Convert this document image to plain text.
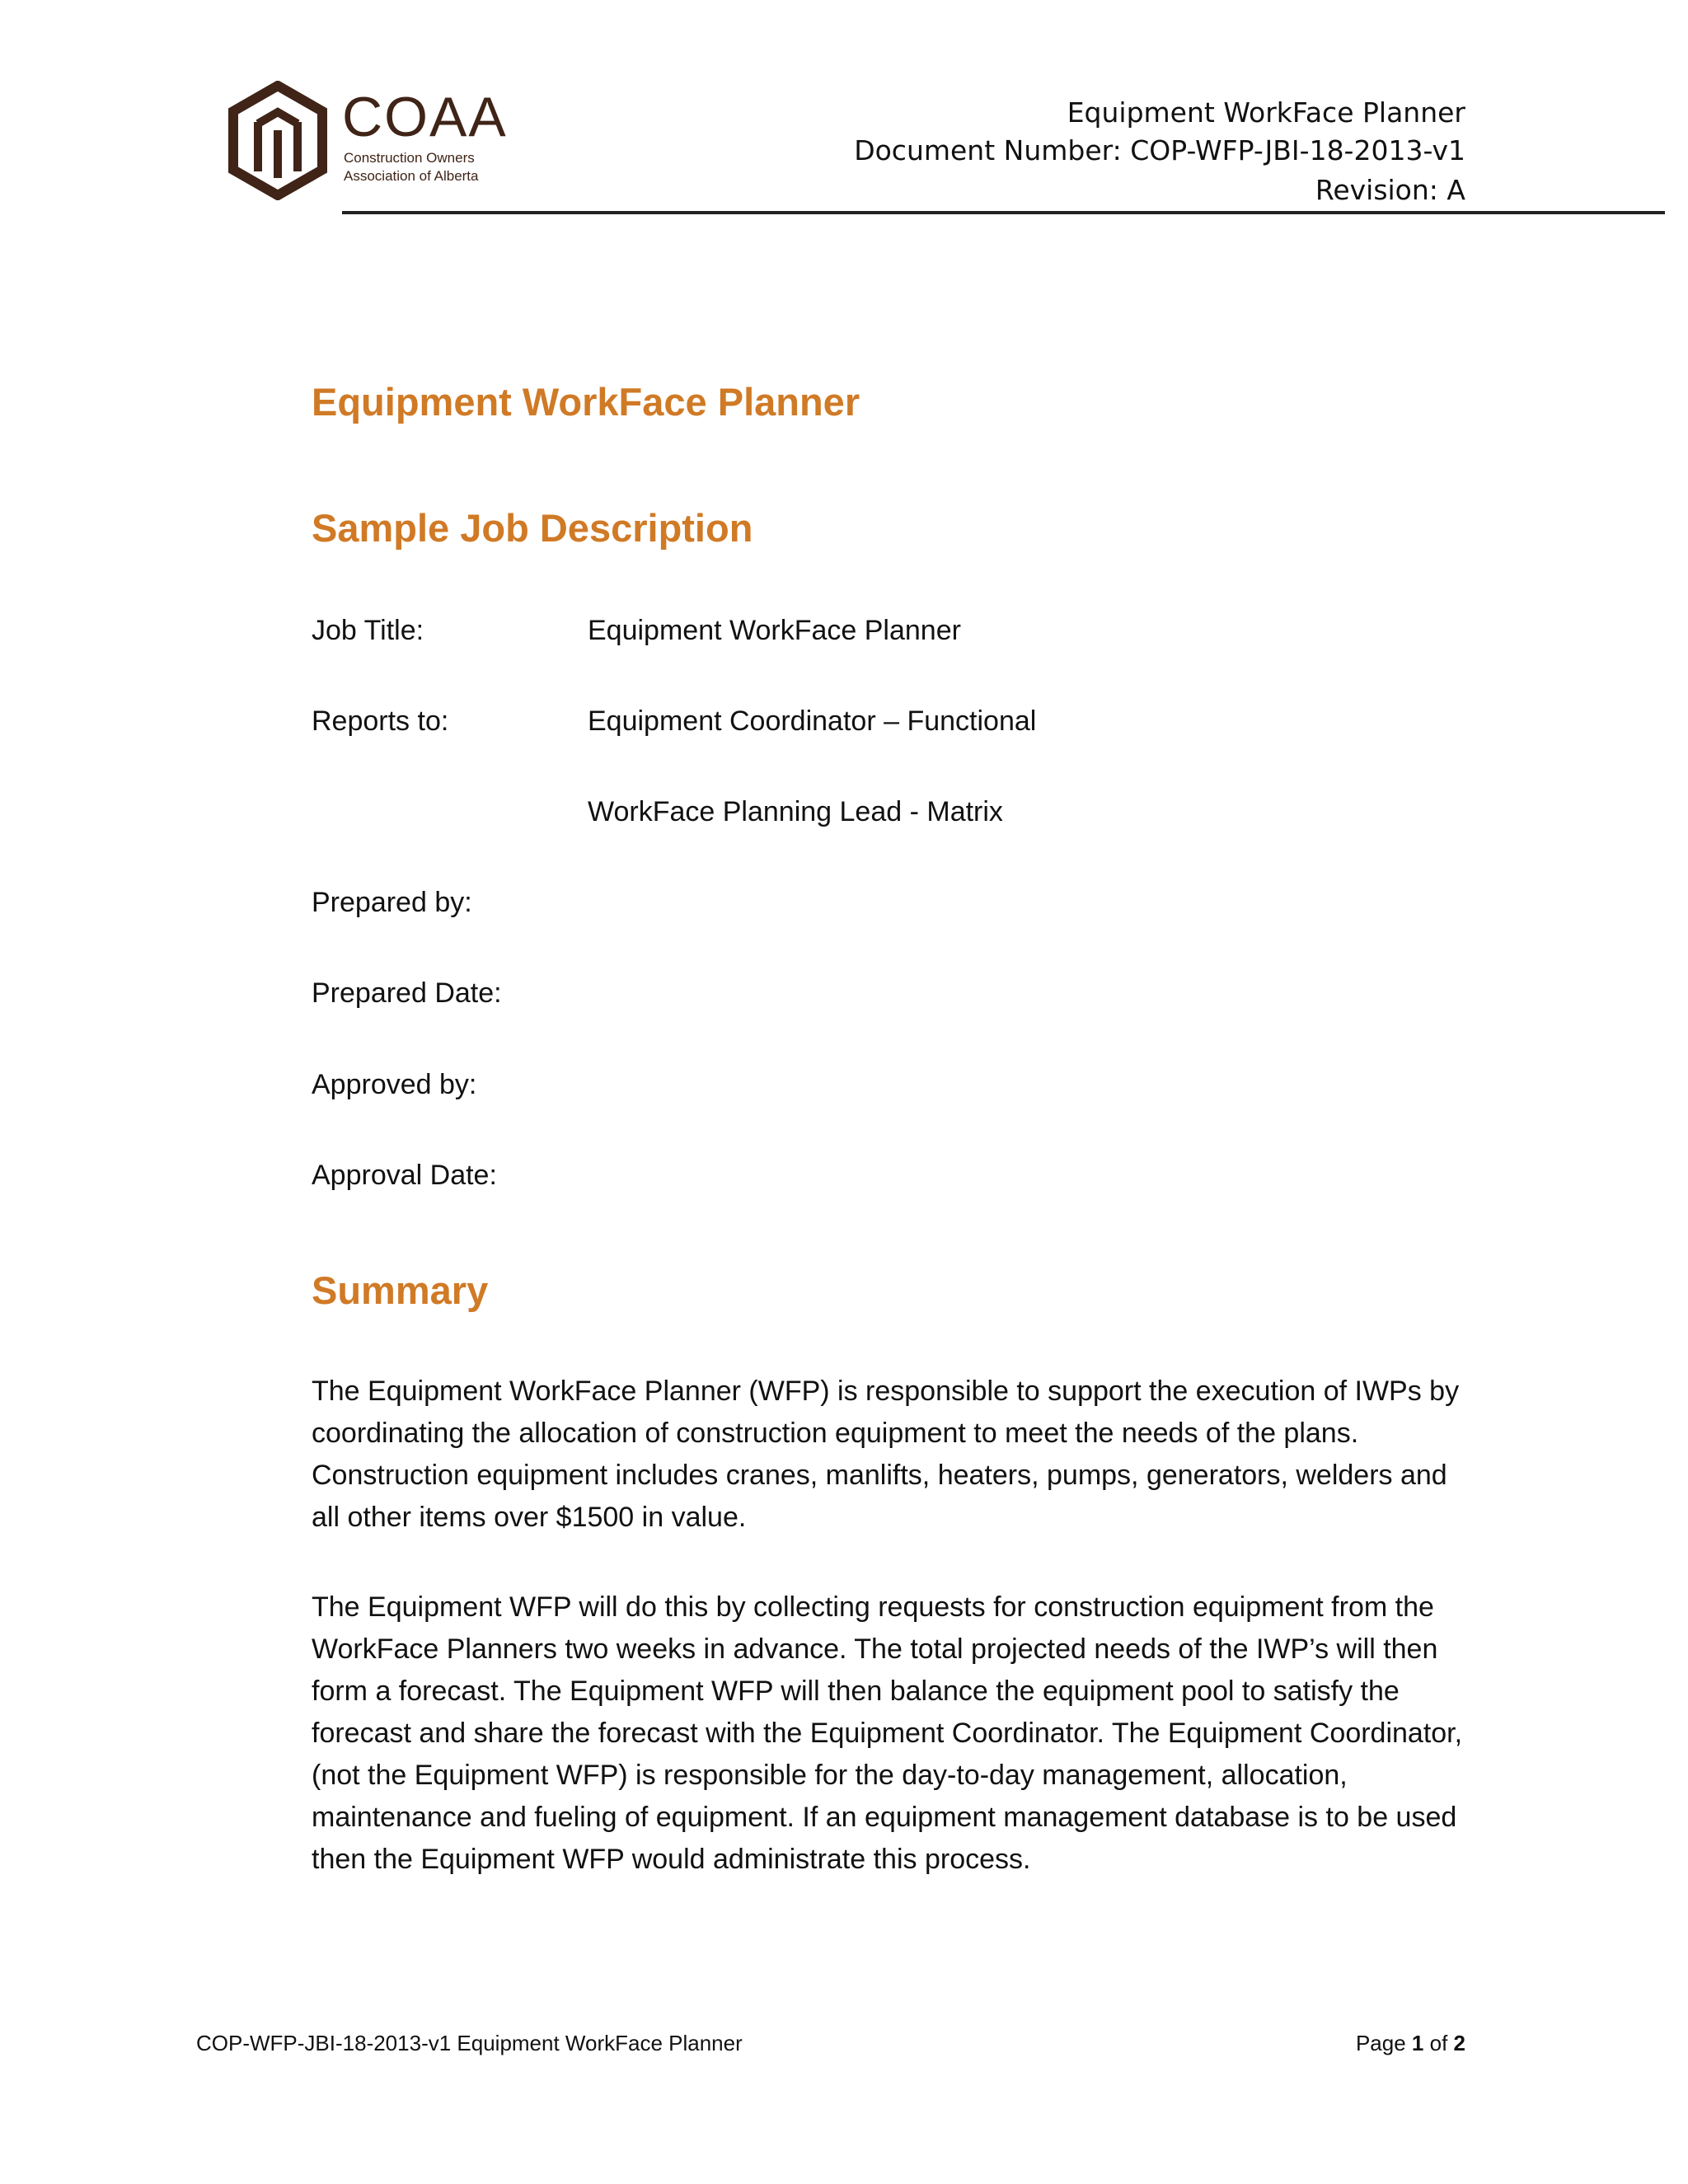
COAA
Construction Owners
Association of Alberta
Equipment WorkFace Planner
Document Number: COP-WFP-JBI-18-2013-v1
Revision: A
Equipment WorkFace Planner
Sample Job Description
Job Title:	Equipment WorkFace Planner
Reports to:	Equipment Coordinator – Functional
WorkFace Planning Lead - Matrix
Prepared by:
Prepared Date:
Approved by:
Approval Date:
Summary
The Equipment WorkFace Planner (WFP) is responsible to support the execution of IWPs by coordinating the allocation of construction equipment to meet the needs of the plans. Construction equipment includes cranes, manlifts, heaters, pumps, generators, welders and all other items over $1500 in value.
The Equipment WFP will do this by collecting requests for construction equipment from the WorkFace Planners two weeks in advance. The total projected needs of the IWP’s will then form a forecast. The Equipment WFP will then balance the equipment pool to satisfy the forecast and share the forecast with the Equipment Coordinator. The Equipment Coordinator, (not the Equipment WFP) is responsible for the day-to-day management, allocation, maintenance and fueling of equipment. If an equipment management database is to be used then the Equipment WFP would administrate this process.
COP-WFP-JBI-18-2013-v1 Equipment WorkFace Planner	Page 1 of 2
